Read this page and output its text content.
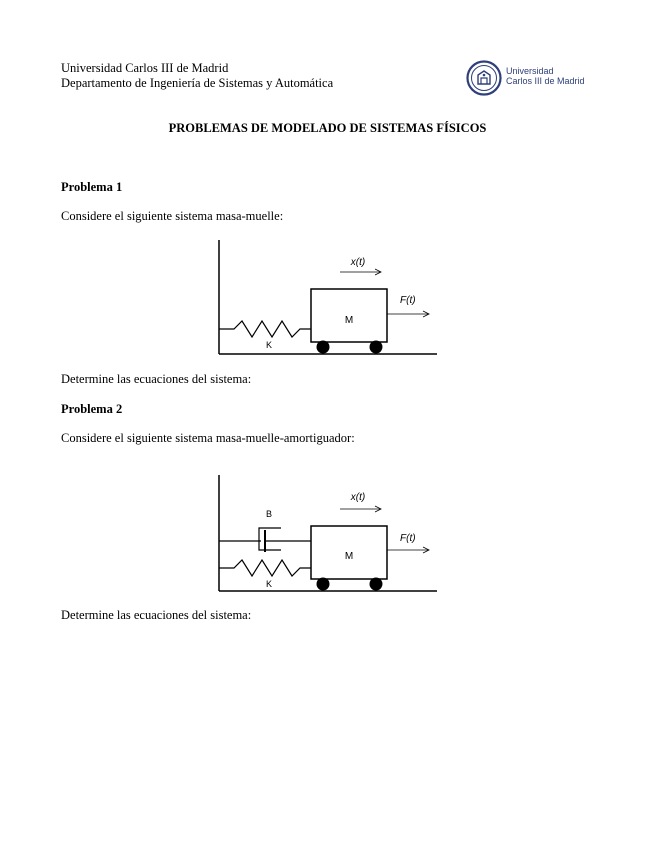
Universidad Carlos III de Madrid
Departamento de Ingeniería de Sistemas y Automática
Universidad
Carlos III de Madrid
PROBLEMAS DE MODELADO DE SISTEMAS FÍSICOS
Problema 1
Considere el siguiente sistema masa-muelle:
M
K
x(t)
F(t)
Determine las ecuaciones del sistema:
Problema 2
Considere el siguiente sistema masa-muelle-amortiguador:
B
K
M
x(t)
F(t)
Determine las ecuaciones del sistema:
